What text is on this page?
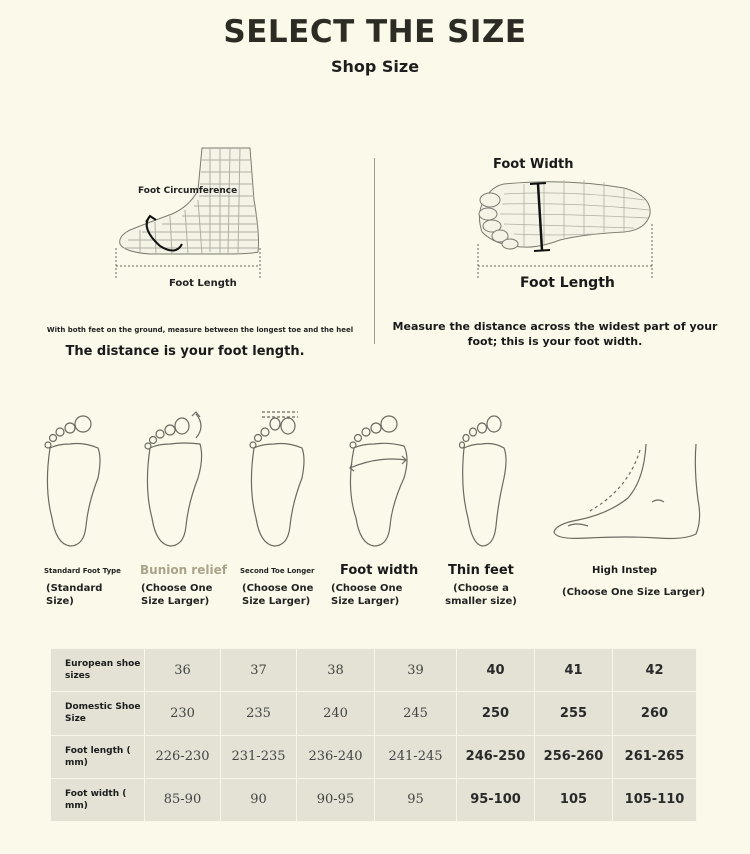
SELECT THE SIZE
Shop Size
Foot Circumference
Foot Length
With both feet on the ground, measure between the longest toe and the heel
The distance is your foot length.
Foot Width
Foot Length
Measure the distance across the widest part of your foot; this is your foot width.
Standard Foot Type
(Standard Size)
Bunion relief
(Choose One Size Larger)
Second Toe Longer
(Choose One Size Larger)
Foot width
(Choose One Size Larger)
Thin feet
(Choose a smaller size)
High Instep
(Choose One Size Larger)
European shoe sizes	36	37	38	39	40	41	42
Domestic Shoe Size	230	235	240	245	250	255	260
Foot length ( mm)	226-230	231-235	236-240	241-245	246-250	256-260	261-265
Foot width ( mm)	85-90	90	90-95	95	95-100	105	105-110
